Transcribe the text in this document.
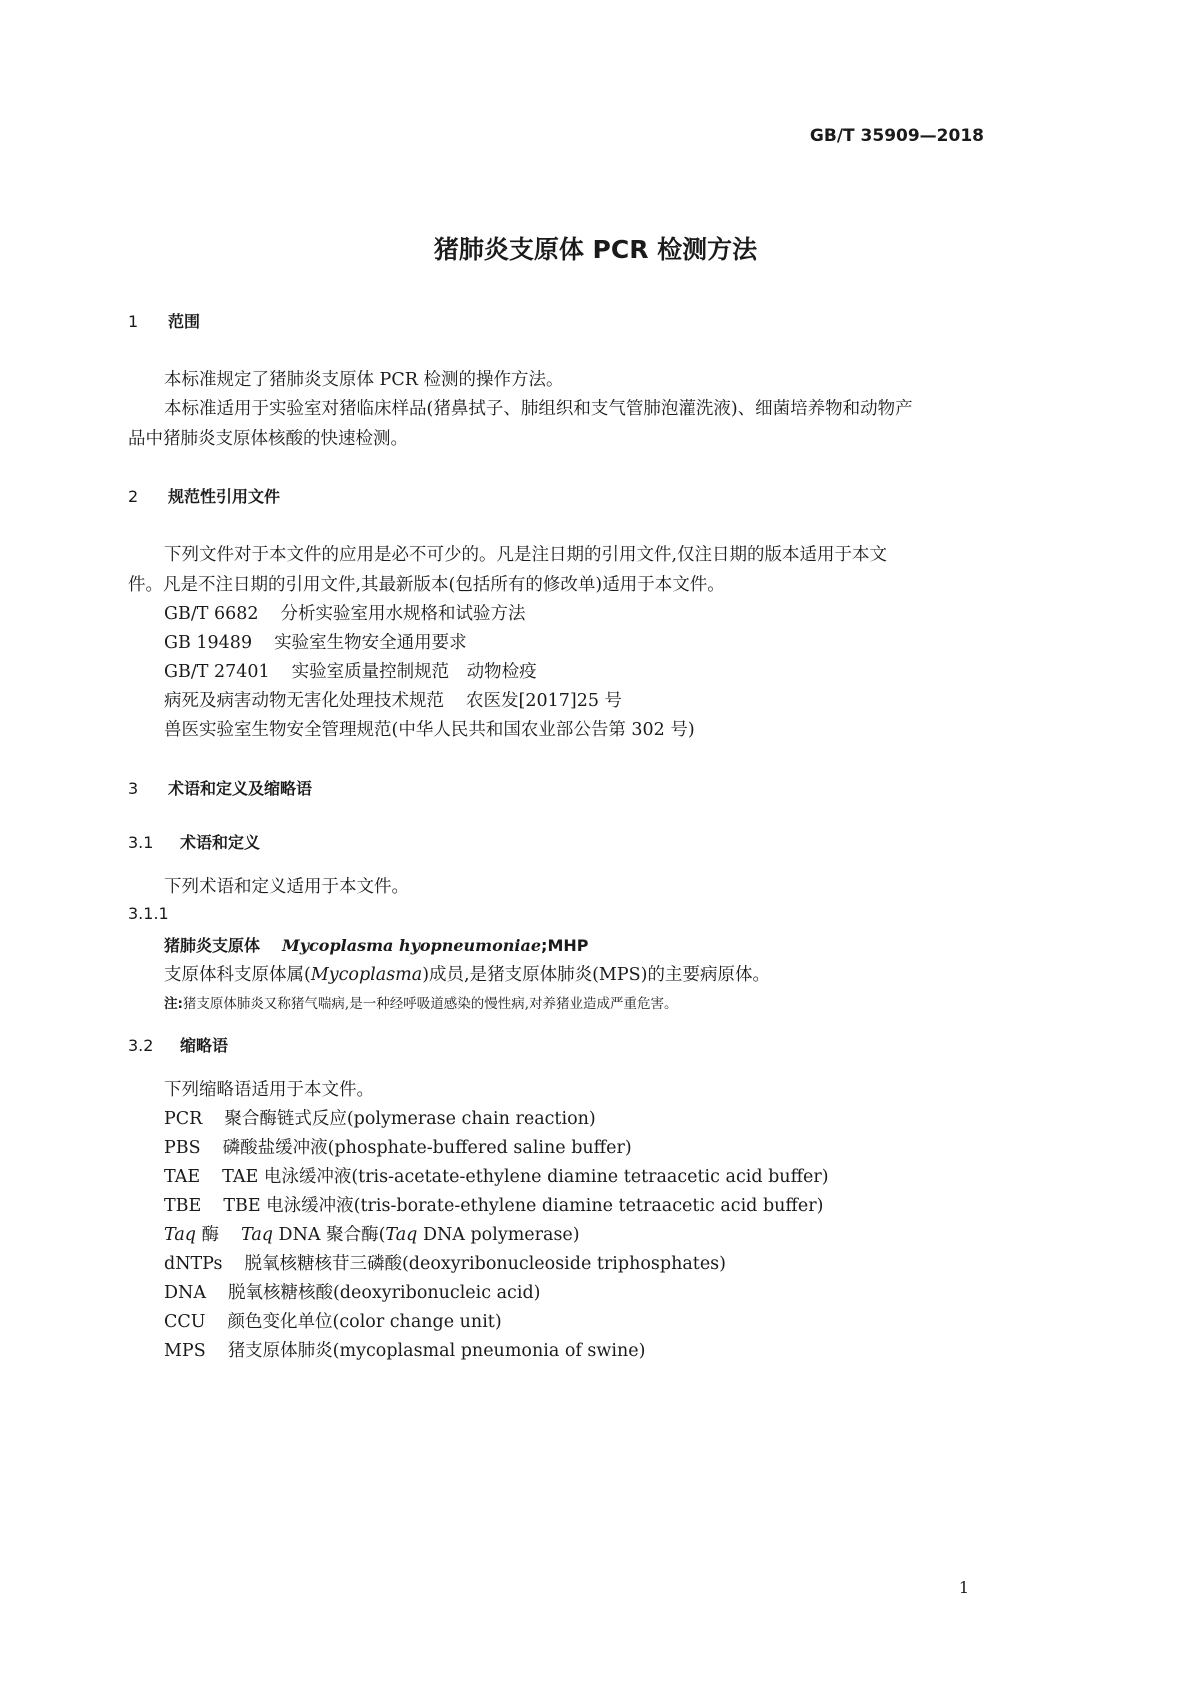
GB/T 35909—2018
猪肺炎支原体 PCR 检测方法
1 范围
本标准规定了猪肺炎支原体 PCR 检测的操作方法。
本标准适用于实验室对猪临床样品(猪鼻拭子、肺组织和支气管肺泡灌洗液)、细菌培养物和动物产
品中猪肺炎支原体核酸的快速检测。
2 规范性引用文件
下列文件对于本文件的应用是必不可少的。凡是注日期的引用文件,仅注日期的版本适用于本文
件。凡是不注日期的引用文件,其最新版本(包括所有的修改单)适用于本文件。
GB/T 6682 分析实验室用水规格和试验方法
GB 19489 实验室生物安全通用要求
GB/T 27401 实验室质量控制规范　动物检疫
病死及病害动物无害化处理技术规范 农医发[2017]25 号
兽医实验室生物安全管理规范(中华人民共和国农业部公告第 302 号)
3 术语和定义及缩略语
3.1 术语和定义
下列术语和定义适用于本文件。
3.1.1
猪肺炎支原体 Mycoplasma hyopneumoniae;MHP
支原体科支原体属(Mycoplasma)成员,是猪支原体肺炎(MPS)的主要病原体。
注:猪支原体肺炎又称猪气喘病,是一种经呼吸道感染的慢性病,对养猪业造成严重危害。
3.2 缩略语
下列缩略语适用于本文件。
PCR 聚合酶链式反应(polymerase chain reaction)
PBS 磷酸盐缓冲液(phosphate-buffered saline buffer)
TAE TAE 电泳缓冲液(tris-acetate-ethylene diamine tetraacetic acid buffer)
TBE TBE 电泳缓冲液(tris-borate-ethylene diamine tetraacetic acid buffer)
Taq 酶 Taq DNA 聚合酶(Taq DNA polymerase)
dNTPs 脱氧核糖核苷三磷酸(deoxyribonucleoside triphosphates)
DNA 脱氧核糖核酸(deoxyribonucleic acid)
CCU 颜色变化单位(color change unit)
MPS 猪支原体肺炎(mycoplasmal pneumonia of swine)
1
